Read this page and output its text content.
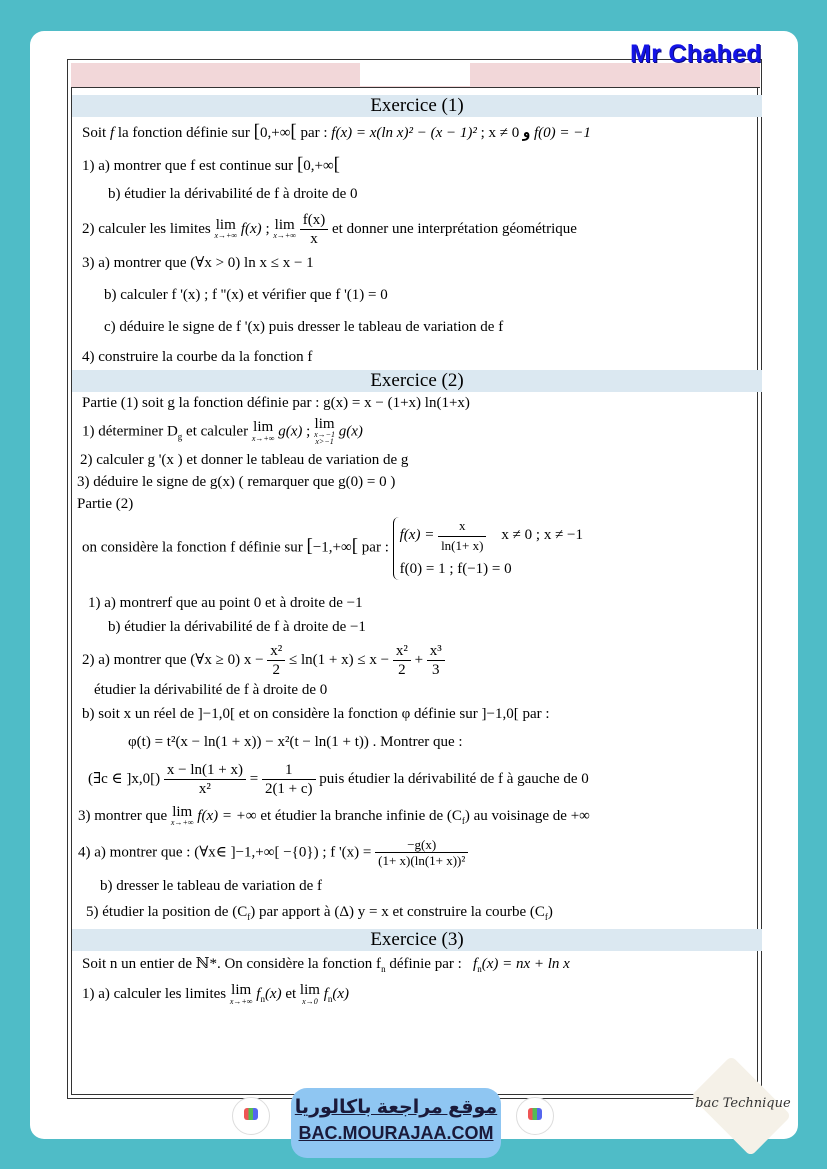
Mr Chahed
Exercice (1)
Soit f la fonction définie sur [0,+∞[ par : f(x) = x(ln x)² − (x − 1)² ; x ≠ 0 و f(0) = −1
1) a) montrer que f est continue sur [0,+∞[
b) étudier la dérivabilité de f à droite de 0
2) calculer les limites lim
x→+∞ f(x) ; lim
x→+∞
$\frac{f(x)}{x}$ et donner une interprétation géométrique
3) a) montrer que (∀x > 0) ln x ≤ x − 1
b) calculer f '(x) ; f ''(x) et vérifier que f '(1) = 0
c) déduire le signe de f '(x) puis dresser le tableau de variation de f
4) construire la courbe da la fonction f
Exercice (2)
Partie (1) soit g la fonction définie par : g(x) = x − (1+x) ln(1+x)
1) déterminer $D_g$ et calculer lim
x→+∞ g(x) ; lim
x→−1
x>−1
g(x)
2) calculer g '(x ) et donner le tableau de variation de g
3) déduire le signe de g(x) ( remarquer que g(0) = 0 )
Partie (2)
on considère la fonction f définie sur [−1,+∞[ par :
$f(x) = \frac{x}{\ln(1+ x)}$ x ≠ 0 ; x ≠ −1
f(0) = 1 ; f(−1) = 0
1) a) montrerf que au point 0 et à droite de −1
b) étudier la dérivabilité de f à droite de −1
2) a) montrer que (∀x ≥ 0) $x - \frac{\text{x²}}{2} \le \ln(1 + x) \le x - \frac{\text{x²}}{2} + \frac{\text{x³}}{3}$
étudier la dérivabilité de f à droite de 0
b) soit x un réel de ]−1,0[ et on considère la fonction φ définie sur ]−1,0[ par :
φ(t) = t²(x − ln(1 + x)) − x²(t − ln(1 + t)) . Montrer que :
(∃c ∈ ]$x,0[) \frac{x - \ln(1 + x)}{\text{x²}} = \frac{1}{2(1 + c)}$ puis étudier la dérivabilité de f à gauche de 0
3) montrer que lim
x→+∞ f(x) = +∞ et étudier la branche infinie de $(C_f)$ au voisinage de +∞
4) a) montrer que : (∀x∈ ]−1,+∞[ −{0}) ; f '$(x) = \frac{-g(x)}{\text{(1+ x)(ln(1+ x))²}}$
b) dresser le tableau de variation de f
5) étudier la position de $(C_f)$ par apport à (Δ) y = x et construire la courbe $(C_f)$
Exercice (3)
Soit n un entier de ℕ*. On considère la fonction $f_n$ définie par : $f_n(x)$ = nx + ln x
1) a) calculer les limites lim
x→+∞ $f_n(x)$ et lim
x→0 $f_n(x)$
موقع مراجعة باكالوريا
BAC.MOURAJAA.COM
bac Technique
